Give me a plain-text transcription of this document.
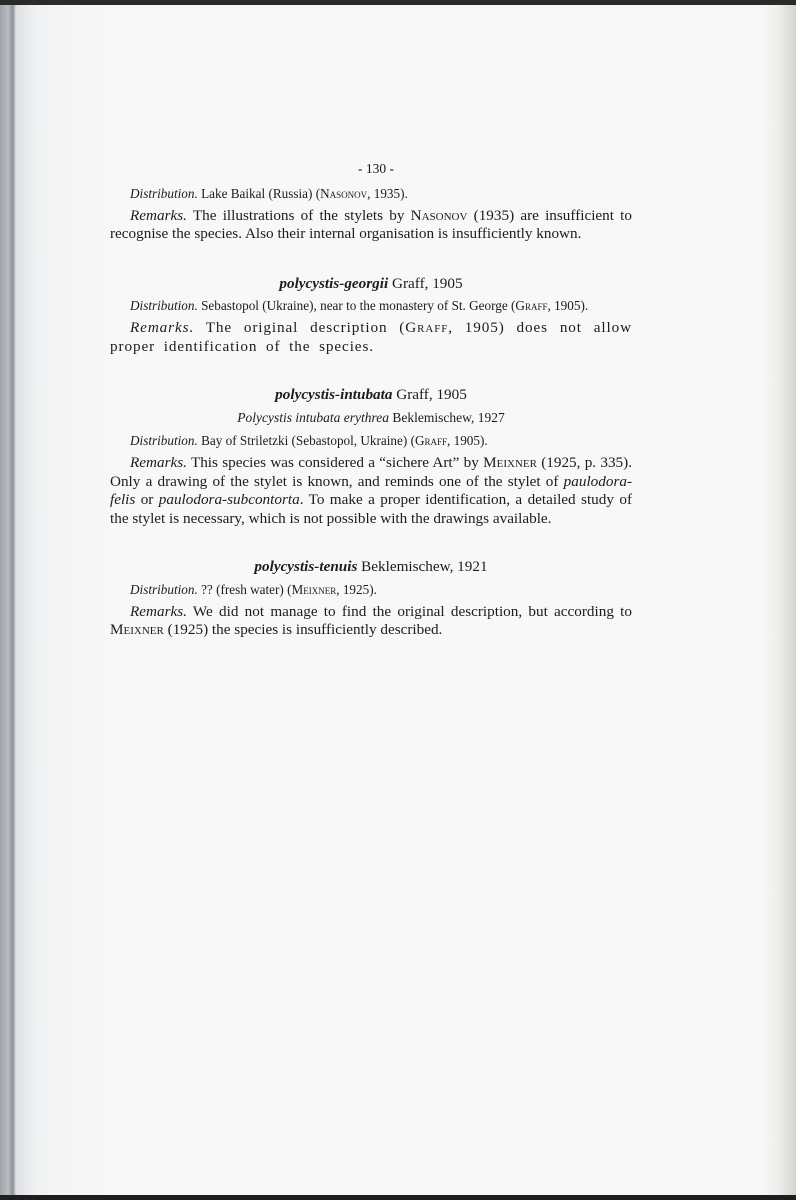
- 130 -

Distribution. Lake Baikal (Russia) (Nasonov, 1935).

Remarks. The illustrations of the stylets by Nasonov (1935) are insufficient to recognise the species. Also their internal organisation is insufficiently known.

polycystis-georgii Graff, 1905

Distribution. Sebastopol (Ukraine), near to the monastery of St. George (Graff, 1905).

Remarks. The original description (Graff, 1905) does not allow proper identification of the species.

polycystis-intubata Graff, 1905

Polycystis intubata erythrea Beklemischew, 1927

Distribution. Bay of Striletzki (Sebastopol, Ukraine) (Graff, 1905).

Remarks. This species was considered a “sichere Art” by Meixner (1925, p. 335). Only a drawing of the stylet is known, and reminds one of the stylet of paulodora-felis or paulodora-subcontorta. To make a proper identification, a detailed study of the stylet is necessary, which is not possible with the drawings available.

polycystis-tenuis Beklemischew, 1921

Distribution. ?? (fresh water) (Meixner, 1925).

Remarks. We did not manage to find the original description, but according to Meixner (1925) the species is insufficiently described.
